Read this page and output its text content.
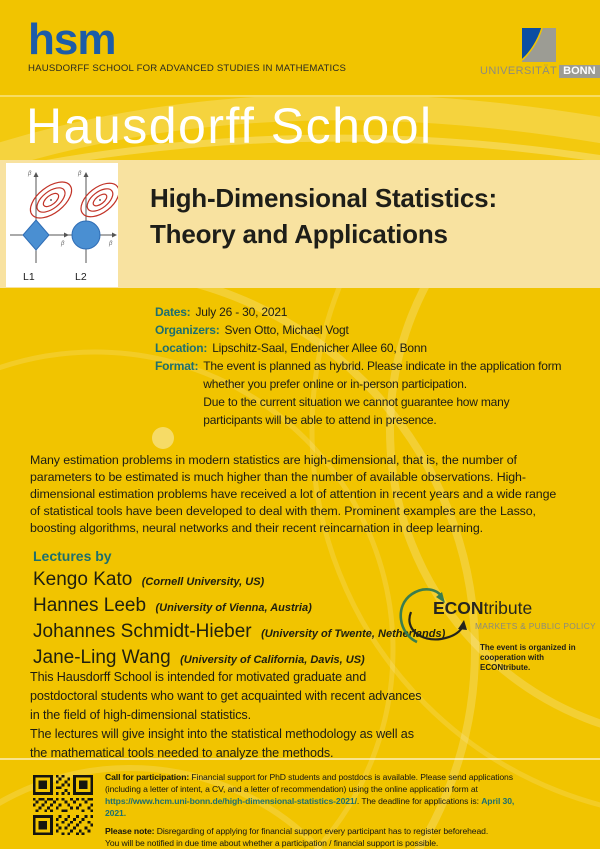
hsm
HAUSDORFF SCHOOL FOR ADVANCED STUDIES IN MATHEMATICS	UNIVERSITÄT BONN
Hausdorff School
β
β
L1
β
β
L2
High-Dimensional Statistics:
Theory and Applications
Dates: July 26 - 30, 2021
Organizers: Sven Otto, Michael Vogt
Location: Lipschitz-Saal, Endenicher Allee 60, Bonn
Format: The event is planned as hybrid. Please indicate in the application form whether you prefer online or in-person participation.
Due to the current situation we cannot guarantee how many participants will be able to attend in presence.
Many estimation problems in modern statistics are high-dimensional, that is, the number of parameters to be estimated is much higher than the number of available observations. High-dimensional estimation problems have received a lot of attention in recent years and a wide range of statistical tools have been developed to deal with them. Prominent examples are the Lasso, boosting algorithms, neural networks and their recent reincarnation in deep learning.
Lectures by
Kengo Kato (Cornell University, US)
Hannes Leeb (University of Vienna, Austria)
Johannes Schmidt-Hieber (University of Twente, Netherlands)
Jane-Ling Wang (University of California, Davis, US)
ECONtribute
MARKETS & PUBLIC POLICY
The event is organized in cooperation with ECONtribute.
This Hausdorff School is intended for motivated graduate and postdoctoral students who want to get acquainted with recent advances in the field of high-dimensional statistics.
The lectures will give insight into the statistical methodology as well as the mathematical tools needed to analyze the methods.

Call for participation: Financial support for PhD students and postdocs is available. Please send applications (including a letter of intent, a CV, and a letter of recommendation) using the online application form at https://www.hcm.uni-bonn.de/high-dimensional-statistics-2021/. The deadline for applications is: April 30, 2021.

Please note: Disregarding of applying for financial support every participant has to register beforehead.
You will be notified in due time about whether a participation / financial support is possible.
